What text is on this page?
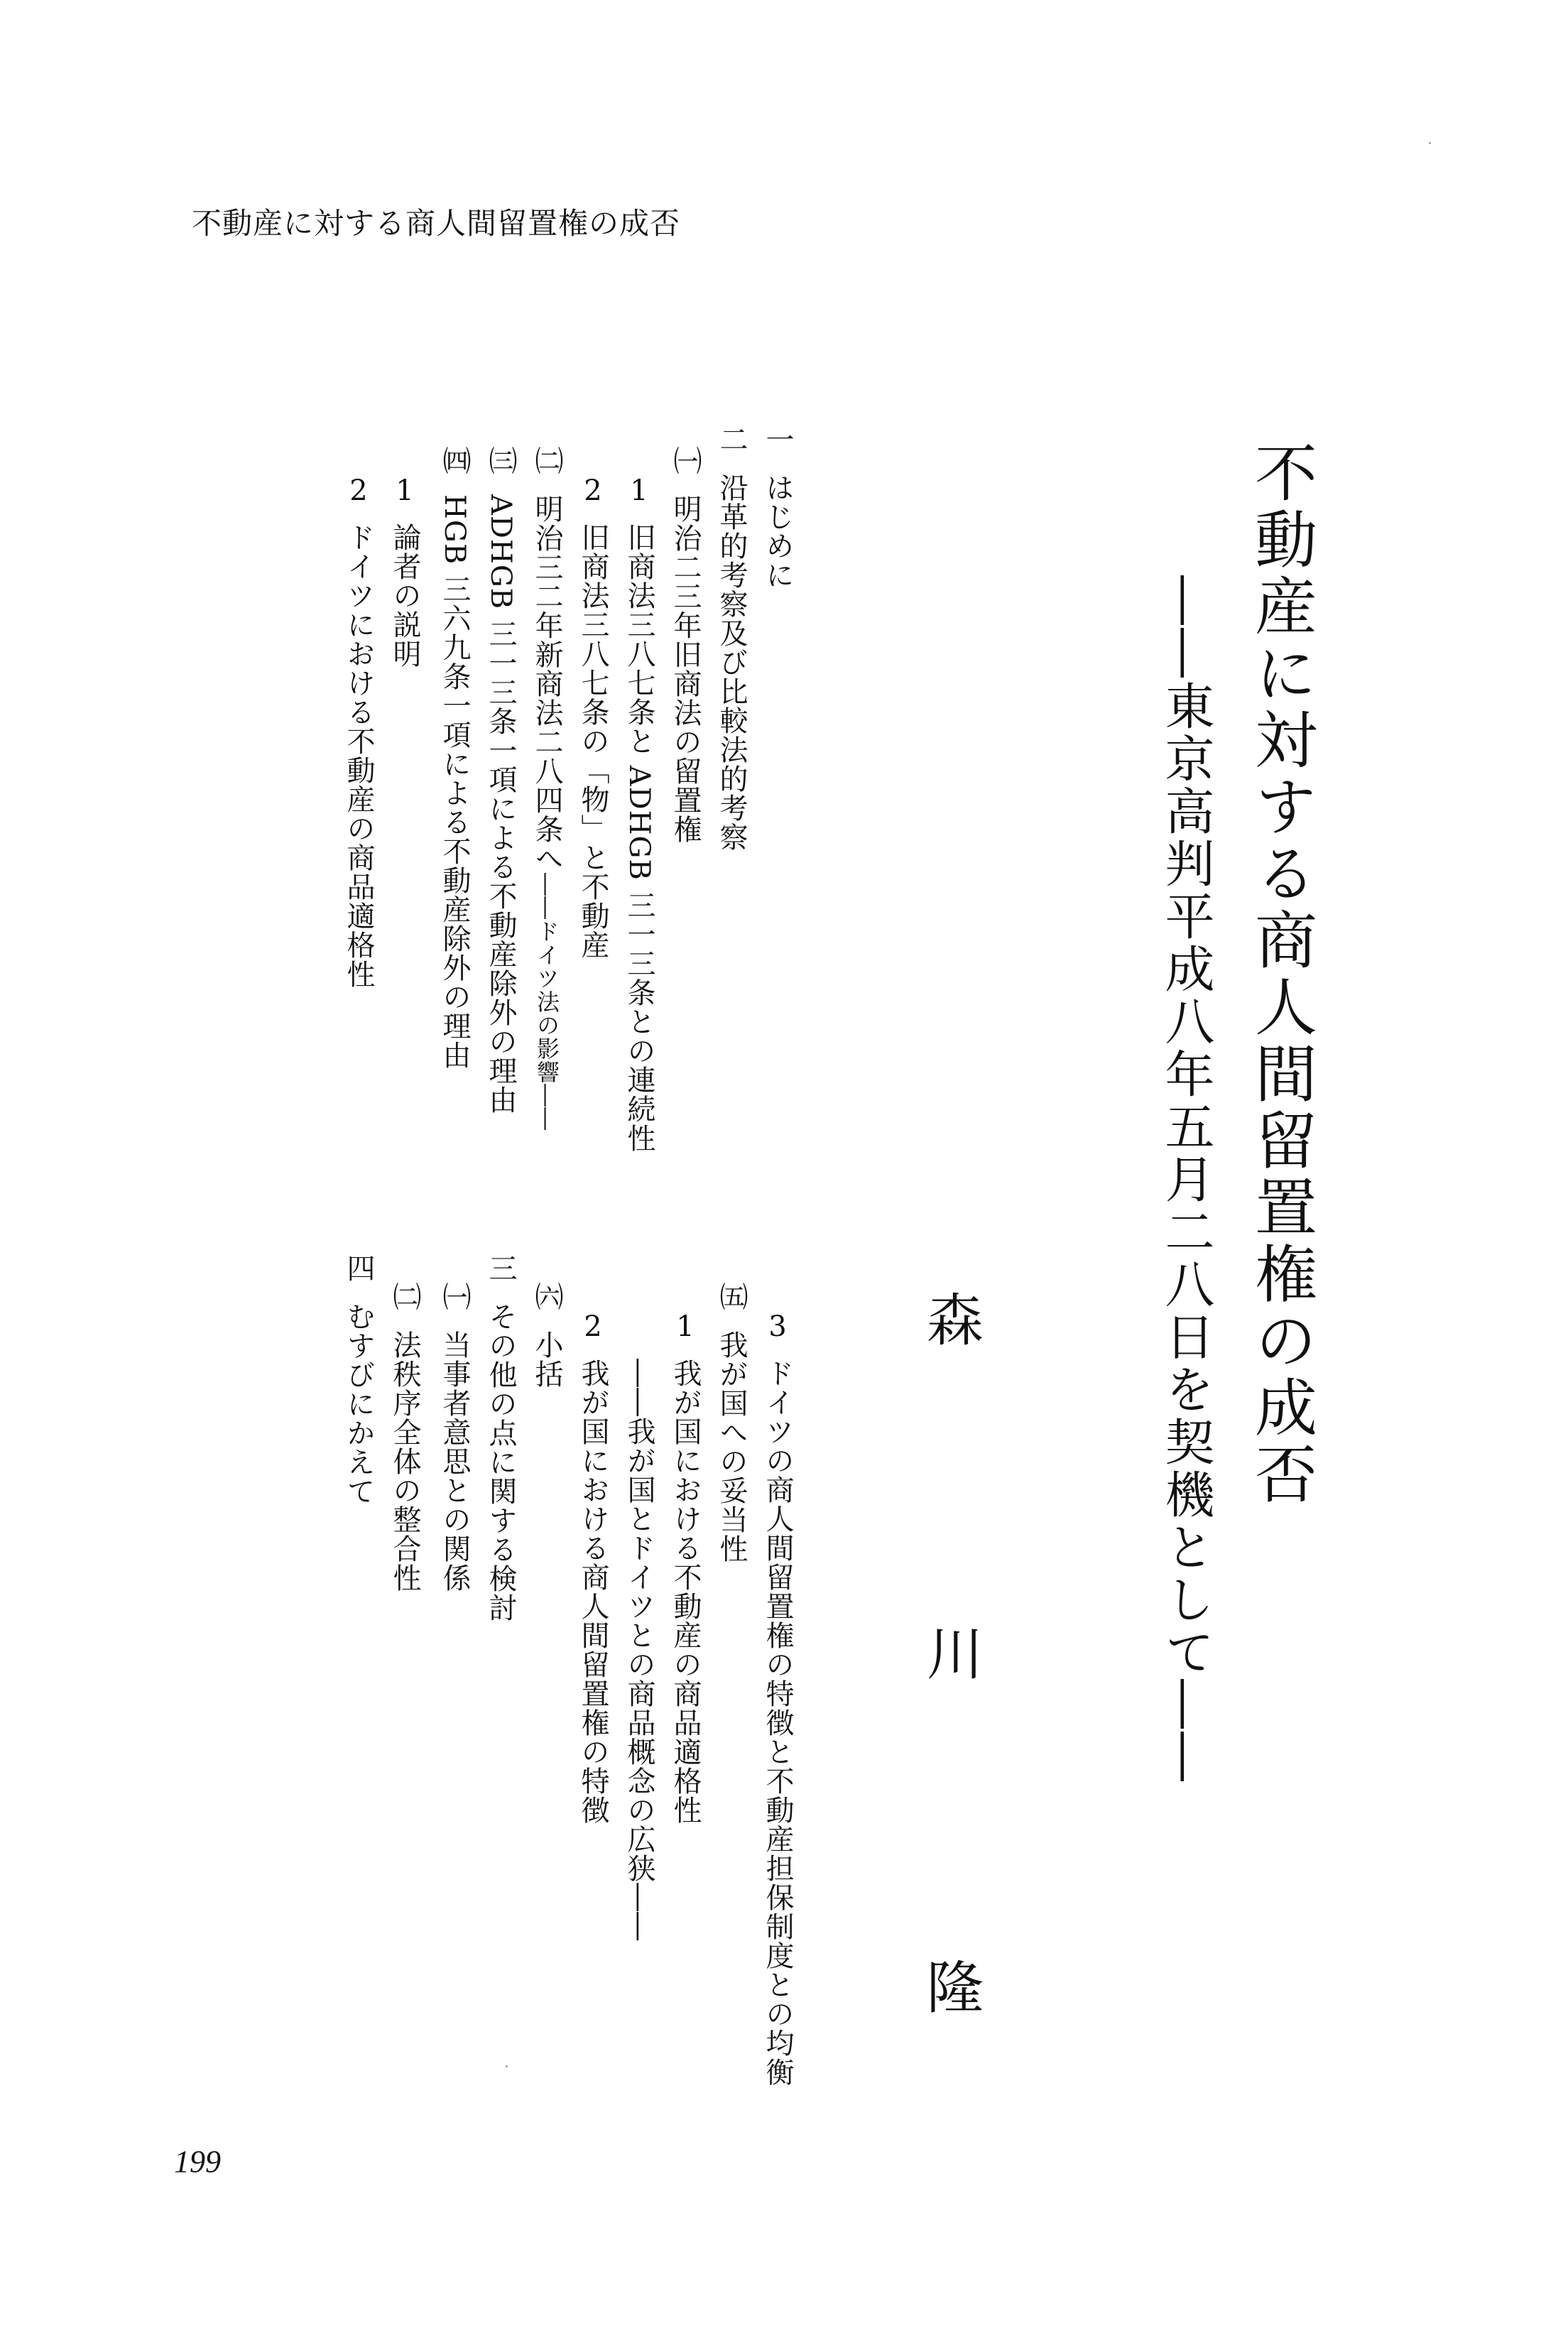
不動産に対する商人間留置権の成否
不動産に対する商人間留置権の成否
――東京高判平成八年五月二八日を契機として――
森
川
隆
一
はじめに
二
沿革的考察及び比較法的考察
㈠
明治二三年旧商法の留置権
1
旧商法三八七条と ADHGB 三一三条との連続性
2
旧商法三八七条の「物」と不動産
㈡
明治三二年新商法二八四条へ――ドイツ法の影響――
㈢
ADHGB 三一三条一項による不動産除外の理由
㈣
HGB 三六九条一項による不動産除外の理由
1
論者の説明
2
ドイツにおける不動産の商品適格性
3
ドイツの商人間留置権の特徴と不動産担保制度との均衡
㈤
我が国への妥当性
1
我が国における不動産の商品適格性
――我が国とドイツとの商品概念の広狭――
2
我が国における商人間留置権の特徴
㈥
小括
三
その他の点に関する検討
㈠
当事者意思との関係
㈡
法秩序全体の整合性
四
むすびにかえて
199
